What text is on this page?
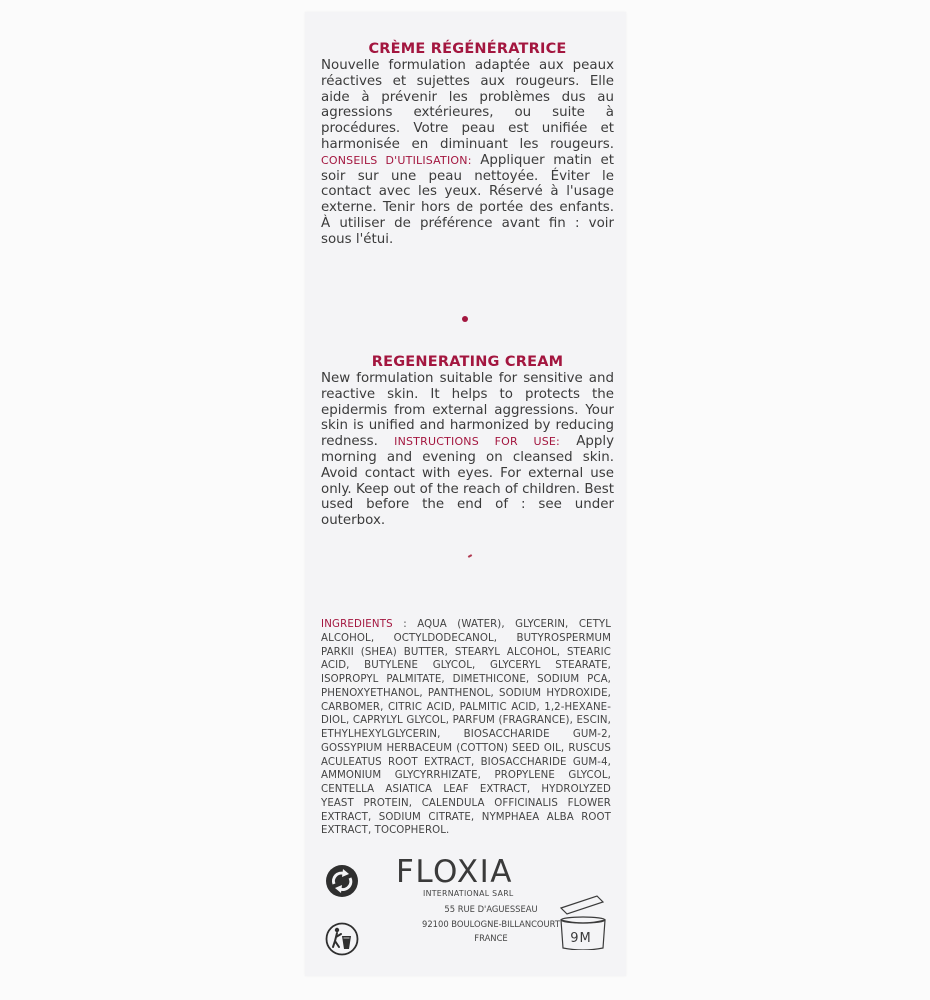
CRÈME RÉGÉNÉRATRICE
Nouvelle formulation adaptée aux peaux réactives et sujettes aux rougeurs. Elle aide à prévenir les problèmes dus au agressions extérieures, ou suite à procédures. Votre peau est unifiée et harmonisée en diminuant les rougeurs. CONSEILS D'UTILISATION: Appliquer matin et soir sur une peau nettoyée. Éviter le contact avec les yeux. Réservé à l'usage externe. Tenir hors de portée des enfants. À utiliser de préférence avant fin : voir sous l'étui.
REGENERATING CREAM
New formulation suitable for sensitive and reactive skin. It helps to protects the epidermis from external aggressions. Your skin is unified and harmonized by reducing redness. INSTRUCTIONS FOR USE: Apply morning and evening on cleansed skin. Avoid contact with eyes. For external use only. Keep out of the reach of children. Best used before the end of : see under outerbox.
INGREDIENTS : AQUA (WATER), GLYCERIN, CETYL ALCOHOL, OCTYLDODECANOL, BUTYROSPERMUM PARKII (SHEA) BUTTER, STEARYL ALCOHOL, STEARIC ACID, BUTYLENE GLYCOL, GLYCERYL STEARATE, ISOPROPYL PALMITATE, DIMETHICONE, SODIUM PCA, PHENOXYETHANOL, PANTHENOL, SODIUM HYDROXIDE, CARBOMER, CITRIC ACID, PALMITIC ACID, 1,2-HEXANE-DIOL, CAPRYLYL GLYCOL, PARFUM (FRAGRANCE), ESCIN, ETHYLHEXYLGLYCERIN, BIOSACCHARIDE GUM-2, GOSSYPIUM HERBACEUM (COTTON) SEED OIL, RUSCUS ACULEATUS ROOT EXTRACT, BIOSACCHARIDE GUM-4, AMMONIUM GLYCYRRHIZATE, PROPYLENE GLYCOL, CENTELLA ASIATICA LEAF EXTRACT, HYDROLYZED YEAST PROTEIN, CALENDULA OFFICINALIS FLOWER EXTRACT, SODIUM CITRATE, NYMPHAEA ALBA ROOT EXTRACT, TOCOPHEROL.
FLOXIA
INTERNATIONAL SARL
55 RUE D'AGUESSEAU
92100 BOULOGNE-BILLANCOURT
FRANCE	9M
